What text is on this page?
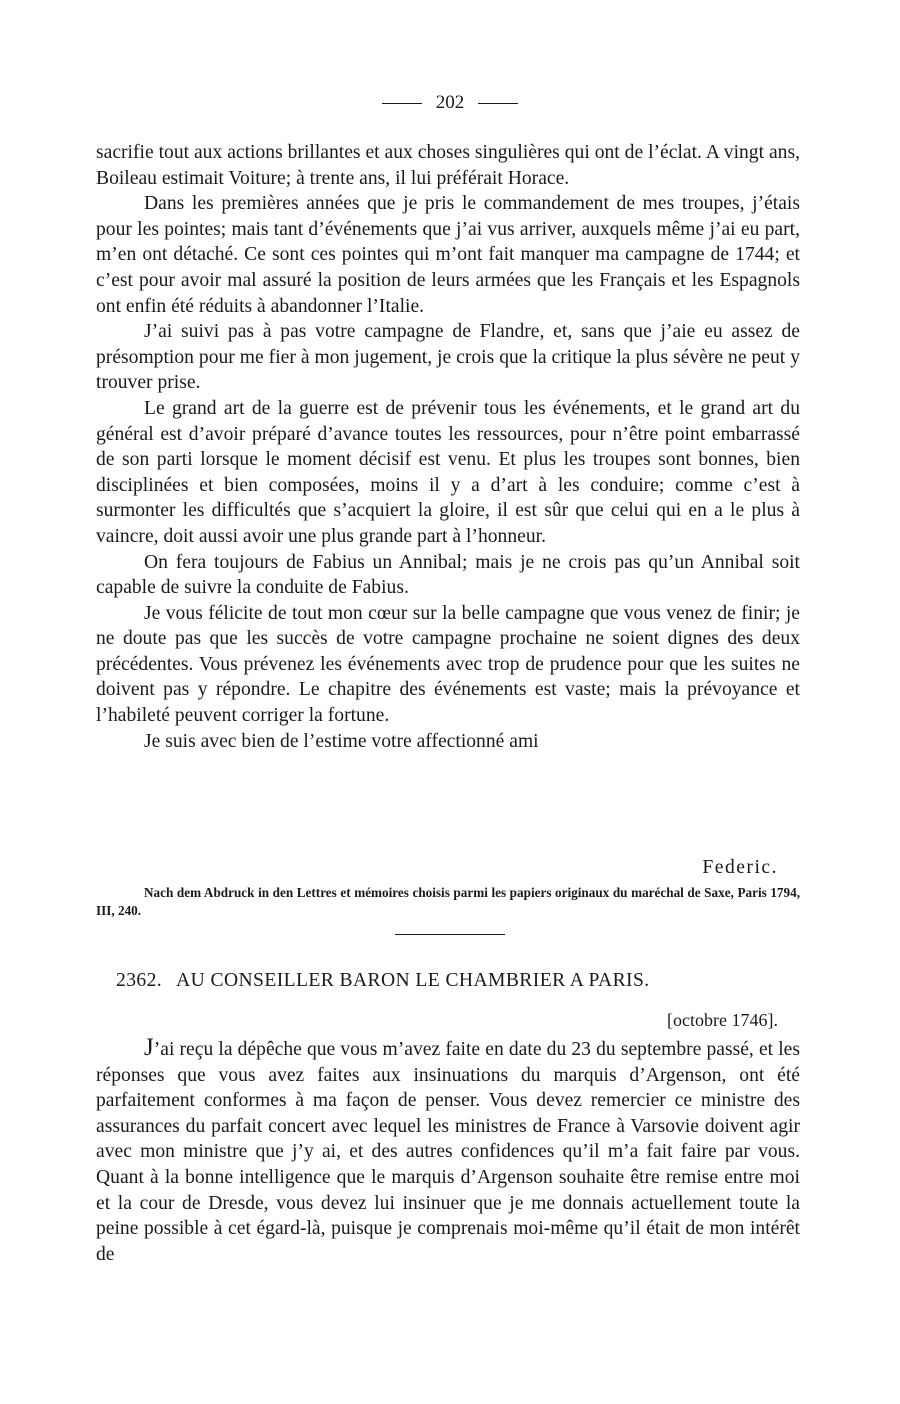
202

sacrifie tout aux actions brillantes et aux choses singulières qui ont de l’éclat. A vingt ans, Boileau estimait Voiture; à trente ans, il lui préférait Horace.

Dans les premières années que je pris le commandement de mes troupes, j’étais pour les pointes; mais tant d’événements que j’ai vus arriver, auxquels même j’ai eu part, m’en ont détaché. Ce sont ces pointes qui m’ont fait manquer ma campagne de 1744; et c’est pour avoir mal assuré la position de leurs armées que les Français et les Espagnols ont enfin été réduits à abandonner l’Italie.

J’ai suivi pas à pas votre campagne de Flandre, et, sans que j’aie eu assez de présomption pour me fier à mon jugement, je crois que la critique la plus sévère ne peut y trouver prise.

Le grand art de la guerre est de prévenir tous les événements, et le grand art du général est d’avoir préparé d’avance toutes les ressources, pour n’être point embarrassé de son parti lorsque le moment décisif est venu. Et plus les troupes sont bonnes, bien disciplinées et bien composées, moins il y a d’art à les conduire; comme c’est à surmonter les difficultés que s’acquiert la gloire, il est sûr que celui qui en a le plus à vaincre, doit aussi avoir une plus grande part à l’honneur.

On fera toujours de Fabius un Annibal; mais je ne crois pas qu’un Annibal soit capable de suivre la conduite de Fabius.

Je vous félicite de tout mon cœur sur la belle campagne que vous venez de finir; je ne doute pas que les succès de votre campagne prochaine ne soient dignes des deux précédentes. Vous prévenez les événements avec trop de prudence pour que les suites ne doivent pas y répondre. Le chapitre des événements est vaste; mais la prévoyance et l’habileté peuvent corriger la fortune.

Je suis avec bien de l’estime votre affectionné ami

Federic.
Nach dem Abdruck in den Lettres et mémoires choisis parmi les papiers originaux du maréchal de Saxe, Paris 1794, III, 240.
2362. AU CONSEILLER BARON LE CHAMBRIER A PARIS.
[octobre 1746].

J’ai reçu la dépêche que vous m’avez faite en date du 23 du septembre passé, et les réponses que vous avez faites aux insinuations du marquis d’Argenson, ont été parfaitement conformes à ma façon de penser. Vous devez remercier ce ministre des assurances du parfait concert avec lequel les ministres de France à Varsovie doivent agir avec mon ministre que j’y ai, et des autres confidences qu’il m’a fait faire par vous. Quant à la bonne intelligence que le marquis d’Argenson souhaite être remise entre moi et la cour de Dresde, vous devez lui insinuer que je me donnais actuellement toute la peine possible à cet égard-là, puisque je comprenais moi-même qu’il était de mon intérêt de
